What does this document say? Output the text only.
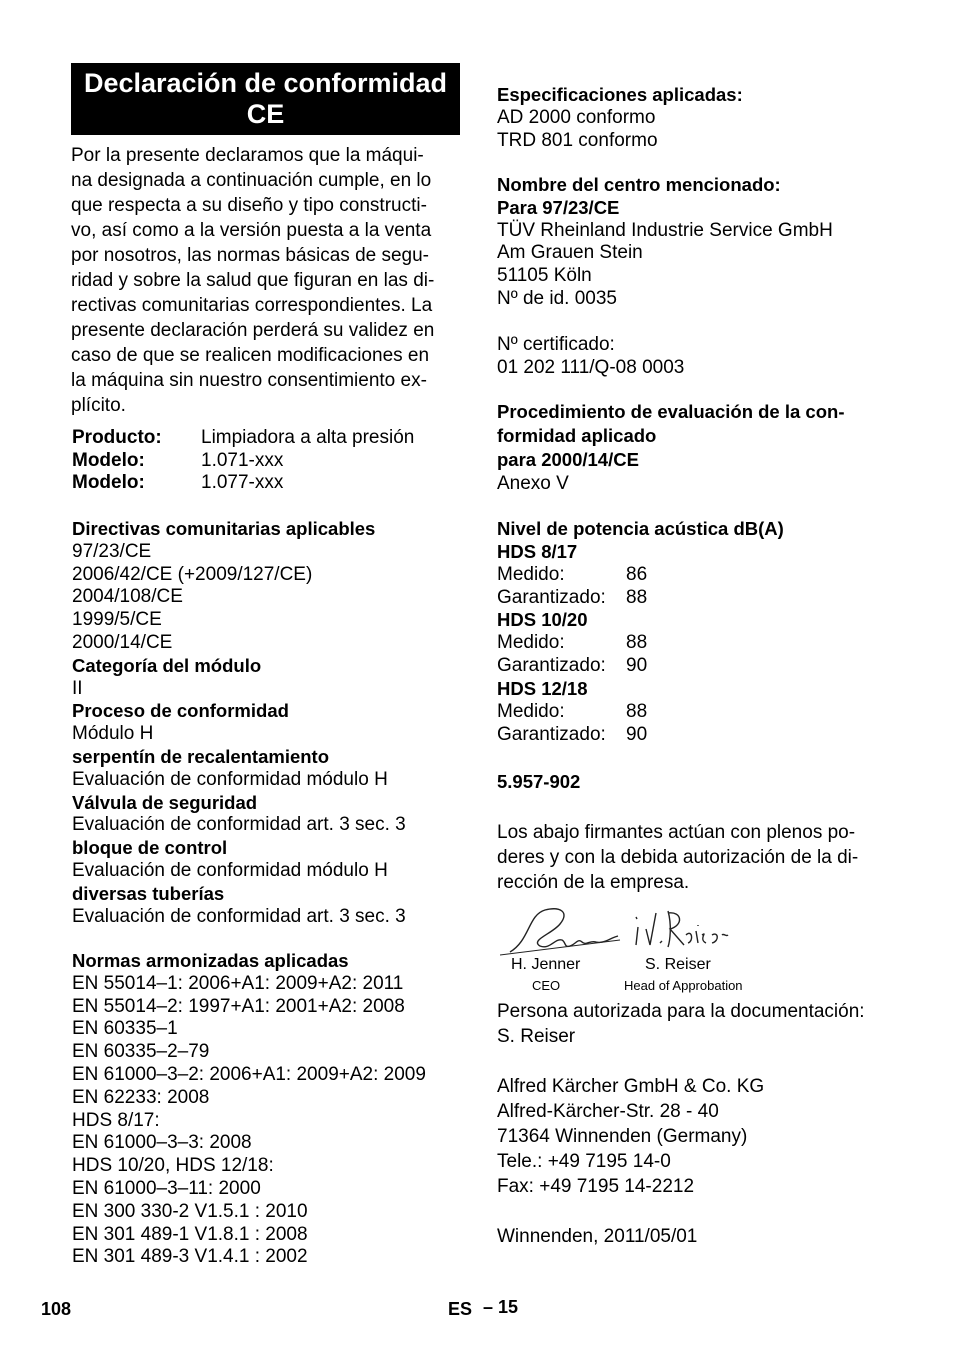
Declaración de conformidad
CE
Por la presente declaramos que la máqui-
na designada a continuación cumple, en lo
que respecta a su diseño y tipo constructi-
vo, así como a la versión puesta a la venta
por nosotros, las normas básicas de segu-
ridad y sobre la salud que figuran en las di-
rectivas comunitarias correspondientes. La
presente declaración perderá su validez en
caso de que se realicen modificaciones en
la máquina sin nuestro consentimiento ex-
plícito.
Producto: Limpiadora a alta presión
Modelo:	1.071-xxx
Modelo:	1.077-xxx
Directivas comunitarias aplicables
97/23/CE
2006/42/CE (+2009/127/CE)
2004/108/CE
1999/5/CE
2000/14/CE
Categoría del módulo
II
Proceso de conformidad
Módulo H
serpentín de recalentamiento
Evaluación de conformidad módulo H
Válvula de seguridad
Evaluación de conformidad art. 3 sec. 3
bloque de control
Evaluación de conformidad módulo H
diversas tuberías
Evaluación de conformidad art. 3 sec. 3
Normas armonizadas aplicadas
EN 55014–1: 2006+A1: 2009+A2: 2011
EN 55014–2: 1997+A1: 2001+A2: 2008
EN 60335–1
EN 60335–2–79
EN 61000–3–2: 2006+A1: 2009+A2: 2009
EN 62233: 2008
HDS 8/17:
EN 61000–3–3: 2008
HDS 10/20, HDS 12/18:
EN 61000–3–11: 2000
EN 300 330-2 V1.5.1 : 2010
EN 301 489-1 V1.8.1 : 2008
EN 301 489-3 V1.4.1 : 2002
Especificaciones aplicadas:
AD 2000 conformo
TRD 801 conformo
Nombre del centro mencionado:
Para 97/23/CE
TÜV Rheinland Industrie Service GmbH
Am Grauen Stein
51105 Köln
Nº de id. 0035
Nº certificado:
01 202 111/Q-08 0003
Procedimiento de evaluación de la con-
formidad aplicado
para 2000/14/CE
Anexo V
Nivel de potencia acústica dB(A)
HDS 8/17
Medido:	86
Garantizado: 88
HDS 10/20
Medido:	88
Garantizado: 90
HDS 12/18
Medido:	88
Garantizado: 90
5.957-902
Los abajo firmantes actúan con plenos po-
deres y con la debida autorización de la di-
rección de la empresa.
H. Jenner
CEO
S. Reiser
Head of Approbation
Persona autorizada para la documentación:
S. Reiser
Alfred Kärcher GmbH & Co. KG
Alfred-Kärcher-Str. 28 - 40
71364 Winnenden (Germany)
Tele.: +49 7195 14-0
Fax: +49 7195 14-2212
Winnenden, 2011/05/01
108	ES – 15
